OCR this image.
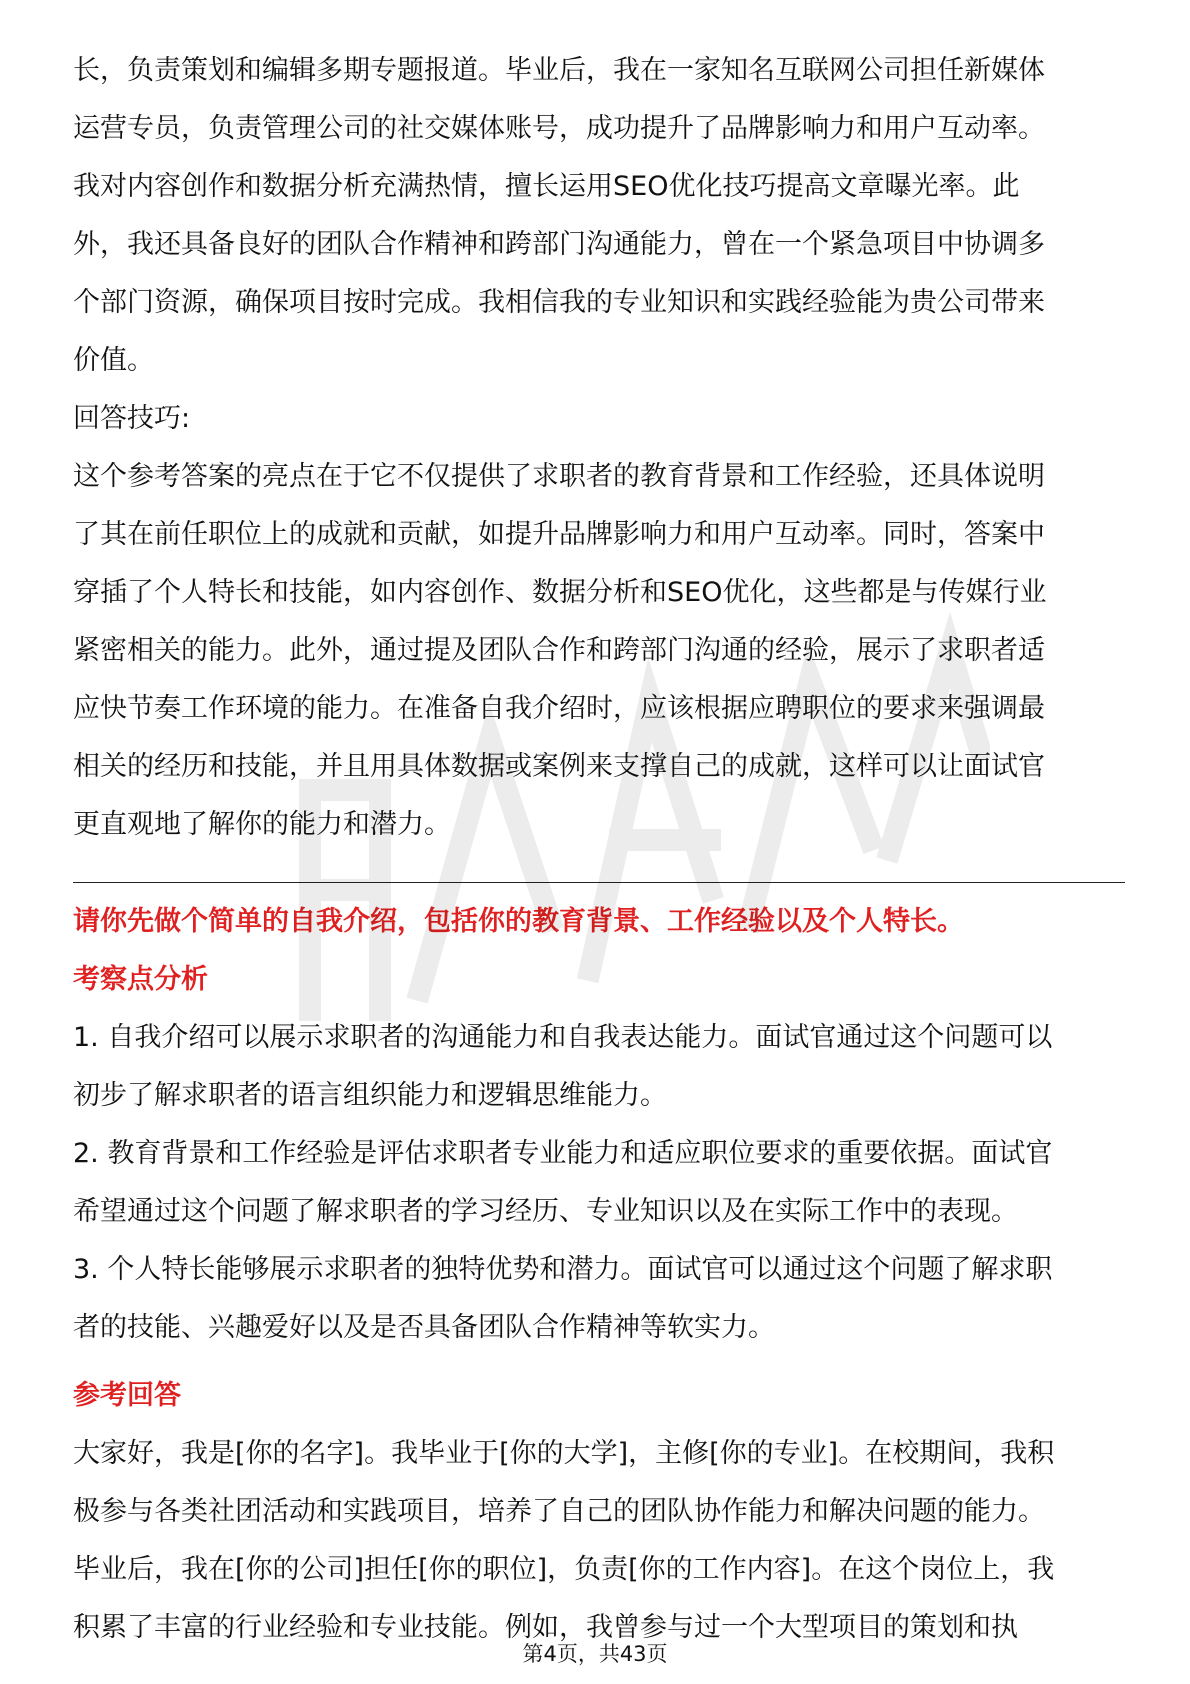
长，负责策划和编辑多期专题报道。毕业后，我在一家知名互联网公司担任新媒体
运营专员，负责管理公司的社交媒体账号，成功提升了品牌影响力和用户互动率。
我对内容创作和数据分析充满热情，擅长运用SEO优化技巧提高文章曝光率。此
外，我还具备良好的团队合作精神和跨部门沟通能力，曾在一个紧急项目中协调多
个部门资源，确保项目按时完成。我相信我的专业知识和实践经验能为贵公司带来
价值。

回答技巧:

这个参考答案的亮点在于它不仅提供了求职者的教育背景和工作经验，还具体说明
了其在前任职位上的成就和贡献，如提升品牌影响力和用户互动率。同时，答案中
穿插了个人特长和技能，如内容创作、数据分析和SEO优化，这些都是与传媒行业
紧密相关的能力。此外，通过提及团队合作和跨部门沟通的经验，展示了求职者适
应快节奏工作环境的能力。在准备自我介绍时，应该根据应聘职位的要求来强调最
相关的经历和技能，并且用具体数据或案例来支撑自己的成就，这样可以让面试官
更直观地了解你的能力和潜力。

请你先做个简单的自我介绍，包括你的教育背景、工作经验以及个人特长。

考察点分析

1. 自我介绍可以展示求职者的沟通能力和自我表达能力。面试官通过这个问题可以
初步了解求职者的语言组织能力和逻辑思维能力。
2. 教育背景和工作经验是评估求职者专业能力和适应职位要求的重要依据。面试官
希望通过这个问题了解求职者的学习经历、专业知识以及在实际工作中的表现。
3. 个人特长能够展示求职者的独特优势和潜力。面试官可以通过这个问题了解求职
者的技能、兴趣爱好以及是否具备团队合作精神等软实力。

参考回答

大家好，我是[你的名字]。我毕业于[你的大学]，主修[你的专业]。在校期间，我积
极参与各类社团活动和实践项目，培养了自己的团队协作能力和解决问题的能力。
毕业后，我在[你的公司]担任[你的职位]，负责[你的工作内容]。在这个岗位上，我
积累了丰富的行业经验和专业技能。例如，我曾参与过一个大型项目的策划和执
第4页，共43页
